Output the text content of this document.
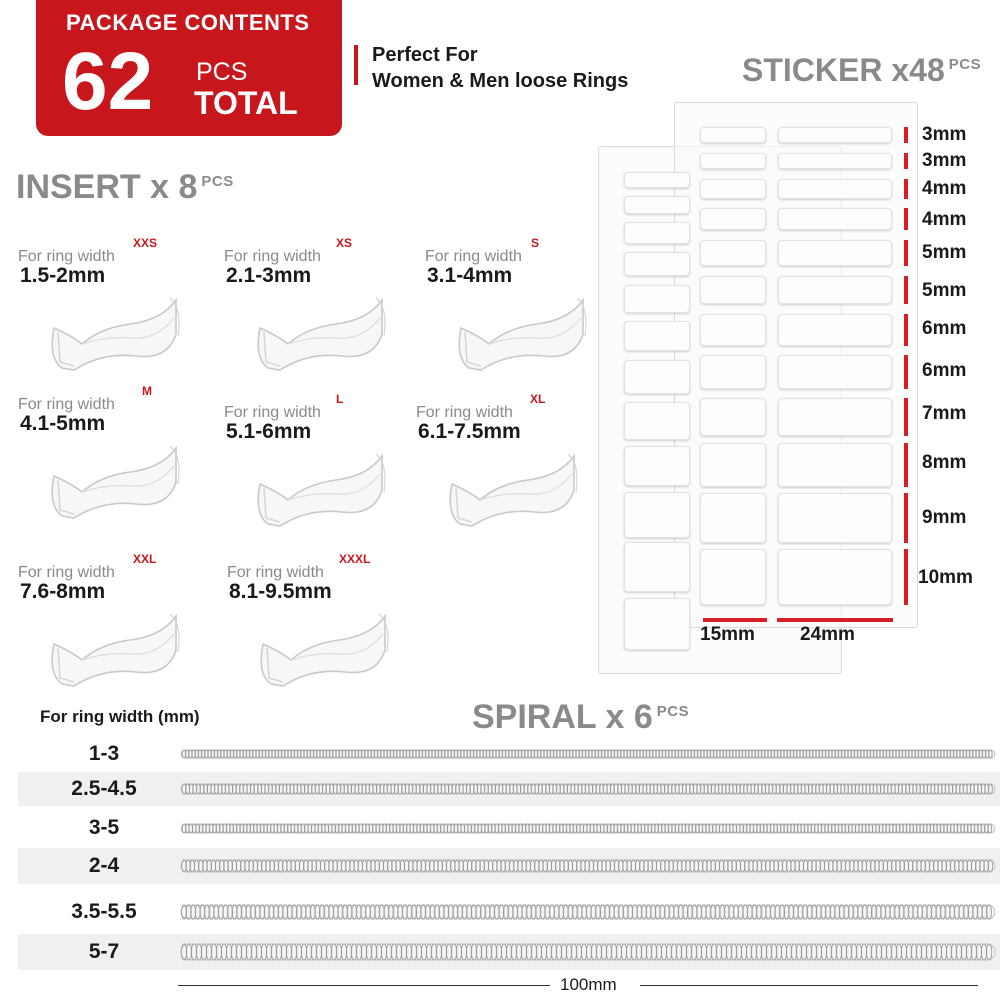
PACKAGE CONTENTS
62 PCS
TOTAL
Perfect For
Women & Men loose Rings
INSERT x 8 $^{PCS}$
For ring width
XXS
1.5-2mm
For ring width
XS
2.1-3mm
For ring width
S
3.1-4mm
For ring width
M
4.1-5mm	For ring width
L
5.1-6mm
For ring width
XL
6.1-7.5mm
For ring width
XXL
7.6-8mm
For ring width
XXXL
8.1-9.5mm
STICKER x48 $^{PCS}$
3mm
3mm
4mm
4mm
5mm
5mm
6mm
6mm
7mm
8mm
9mm
10mm
15mm 24mm
For ring width (mm)	SPIRAL x 6 $^{PCS}$
1-3
2.5-4.5
3-5
2-4
3.5-5.5
5-7
100mm
